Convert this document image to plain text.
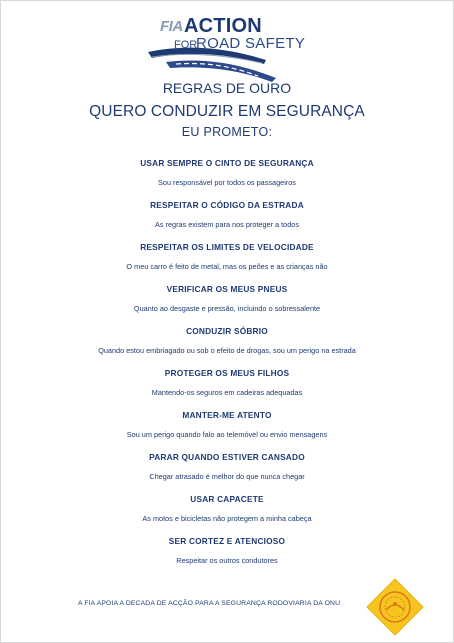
FIA ACTION
FOR
ROAD SAFETY
REGRAS DE OURO
QUERO CONDUZIR EM SEGURANÇA
EU PROMETO:
USAR SEMPRE O CINTO DE SEGURANÇA
Sou responsável por todos os passageiros
RESPEITAR O CÓDIGO DA ESTRADA
As regras existem para nos proteger a todos
RESPEITAR OS LIMITES DE VELOCIDADE
O meu carro é feito de metal, mas os peões e as crianças não
VERIFICAR OS MEUS PNEUS
Quanto ao desgaste e pressão, incluindo o sobressalente
CONDUZIR SÓBRIO
Quando estou embriagado ou sob o efeito de drogas, sou um perigo na estrada
PROTEGER OS MEUS FILHOS
Mantendo-os seguros em cadeiras adequadas
MANTER-ME ATENTO
Sou um perigo quando falo ao telemóvel ou envio mensagens
PARAR QUANDO ESTIVER CANSADO
Chegar atrasado é melhor do que nunca chegar
USAR CAPACETE
As motos e bicicletas não protegem a minha cabeça
SER CORTEZ E ATENCIOSO
Respeitar os outros condutores
A FIA APOIA A DECADA DE ACÇÃO PARA A SEGURANÇA RODOVIARIA DA ONU
